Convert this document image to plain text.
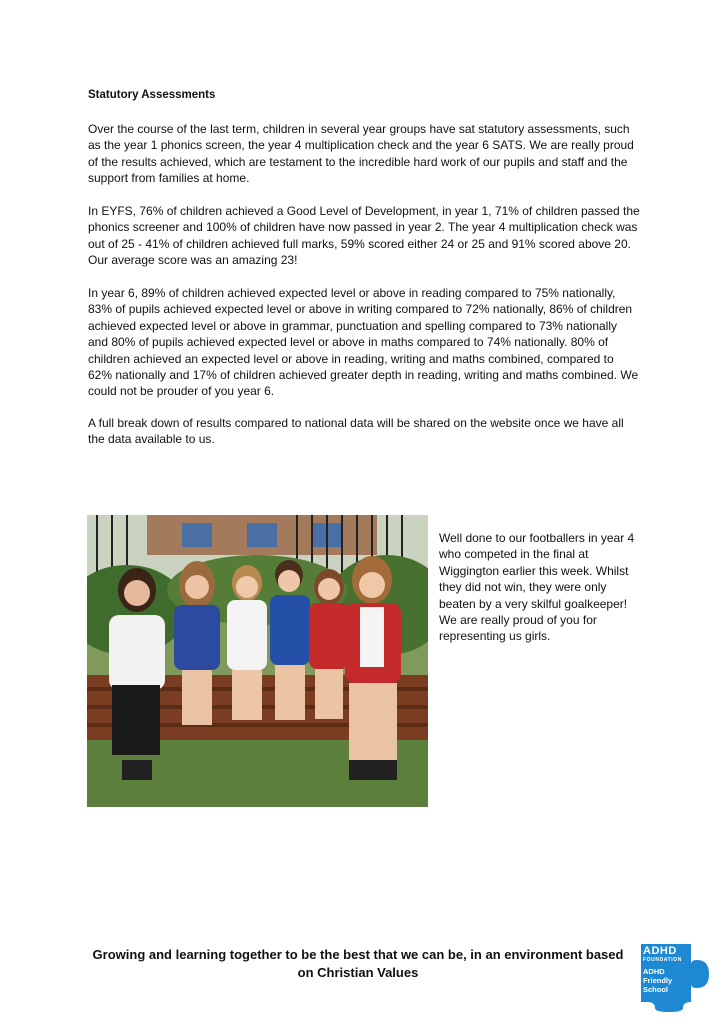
Statutory Assessments

Over the course of the last term, children in several year groups have sat statutory assessments, such as the year 1 phonics screen, the year 4 multiplication check and the year 6 SATS. We are really proud of the results achieved, which are testament to the incredible hard work of our pupils and staff and the support from families at home.

In EYFS, 76% of children achieved a Good Level of Development, in year 1, 71% of children passed the phonics screener and 100% of children have now passed in year 2. The year 4 multiplication check was out of 25 - 41% of children achieved full marks, 59% scored either 24 or 25 and 91% scored above 20. Our average score was an amazing 23!

In year 6, 89% of children achieved expected level or above in reading compared to 75% nationally, 83% of pupils achieved expected level or above in writing compared to 72% nationally, 86% of children achieved expected level or above in grammar, punctuation and spelling compared to 73% nationally and 80% of pupils achieved expected level or above in maths compared to 74% nationally. 80% of children achieved an expected level or above in reading, writing and maths combined, compared to 62% nationally and 17% of children achieved greater depth in reading, writing and maths combined. We could not be prouder of you year 6.

A full break down of results compared to national data will be shared on the website once we have all the data available to us.

Well done to our footballers in year 4 who competed in the final at Wiggington earlier this week. Whilst they did not win, they were only beaten by a very skilful goalkeeper! We are really proud of you for representing us girls.

Growing and learning together to be the best that we can be, in an environment based on Christian Values

ADHD
FOUNDATION
ADHD
Friendly
School
